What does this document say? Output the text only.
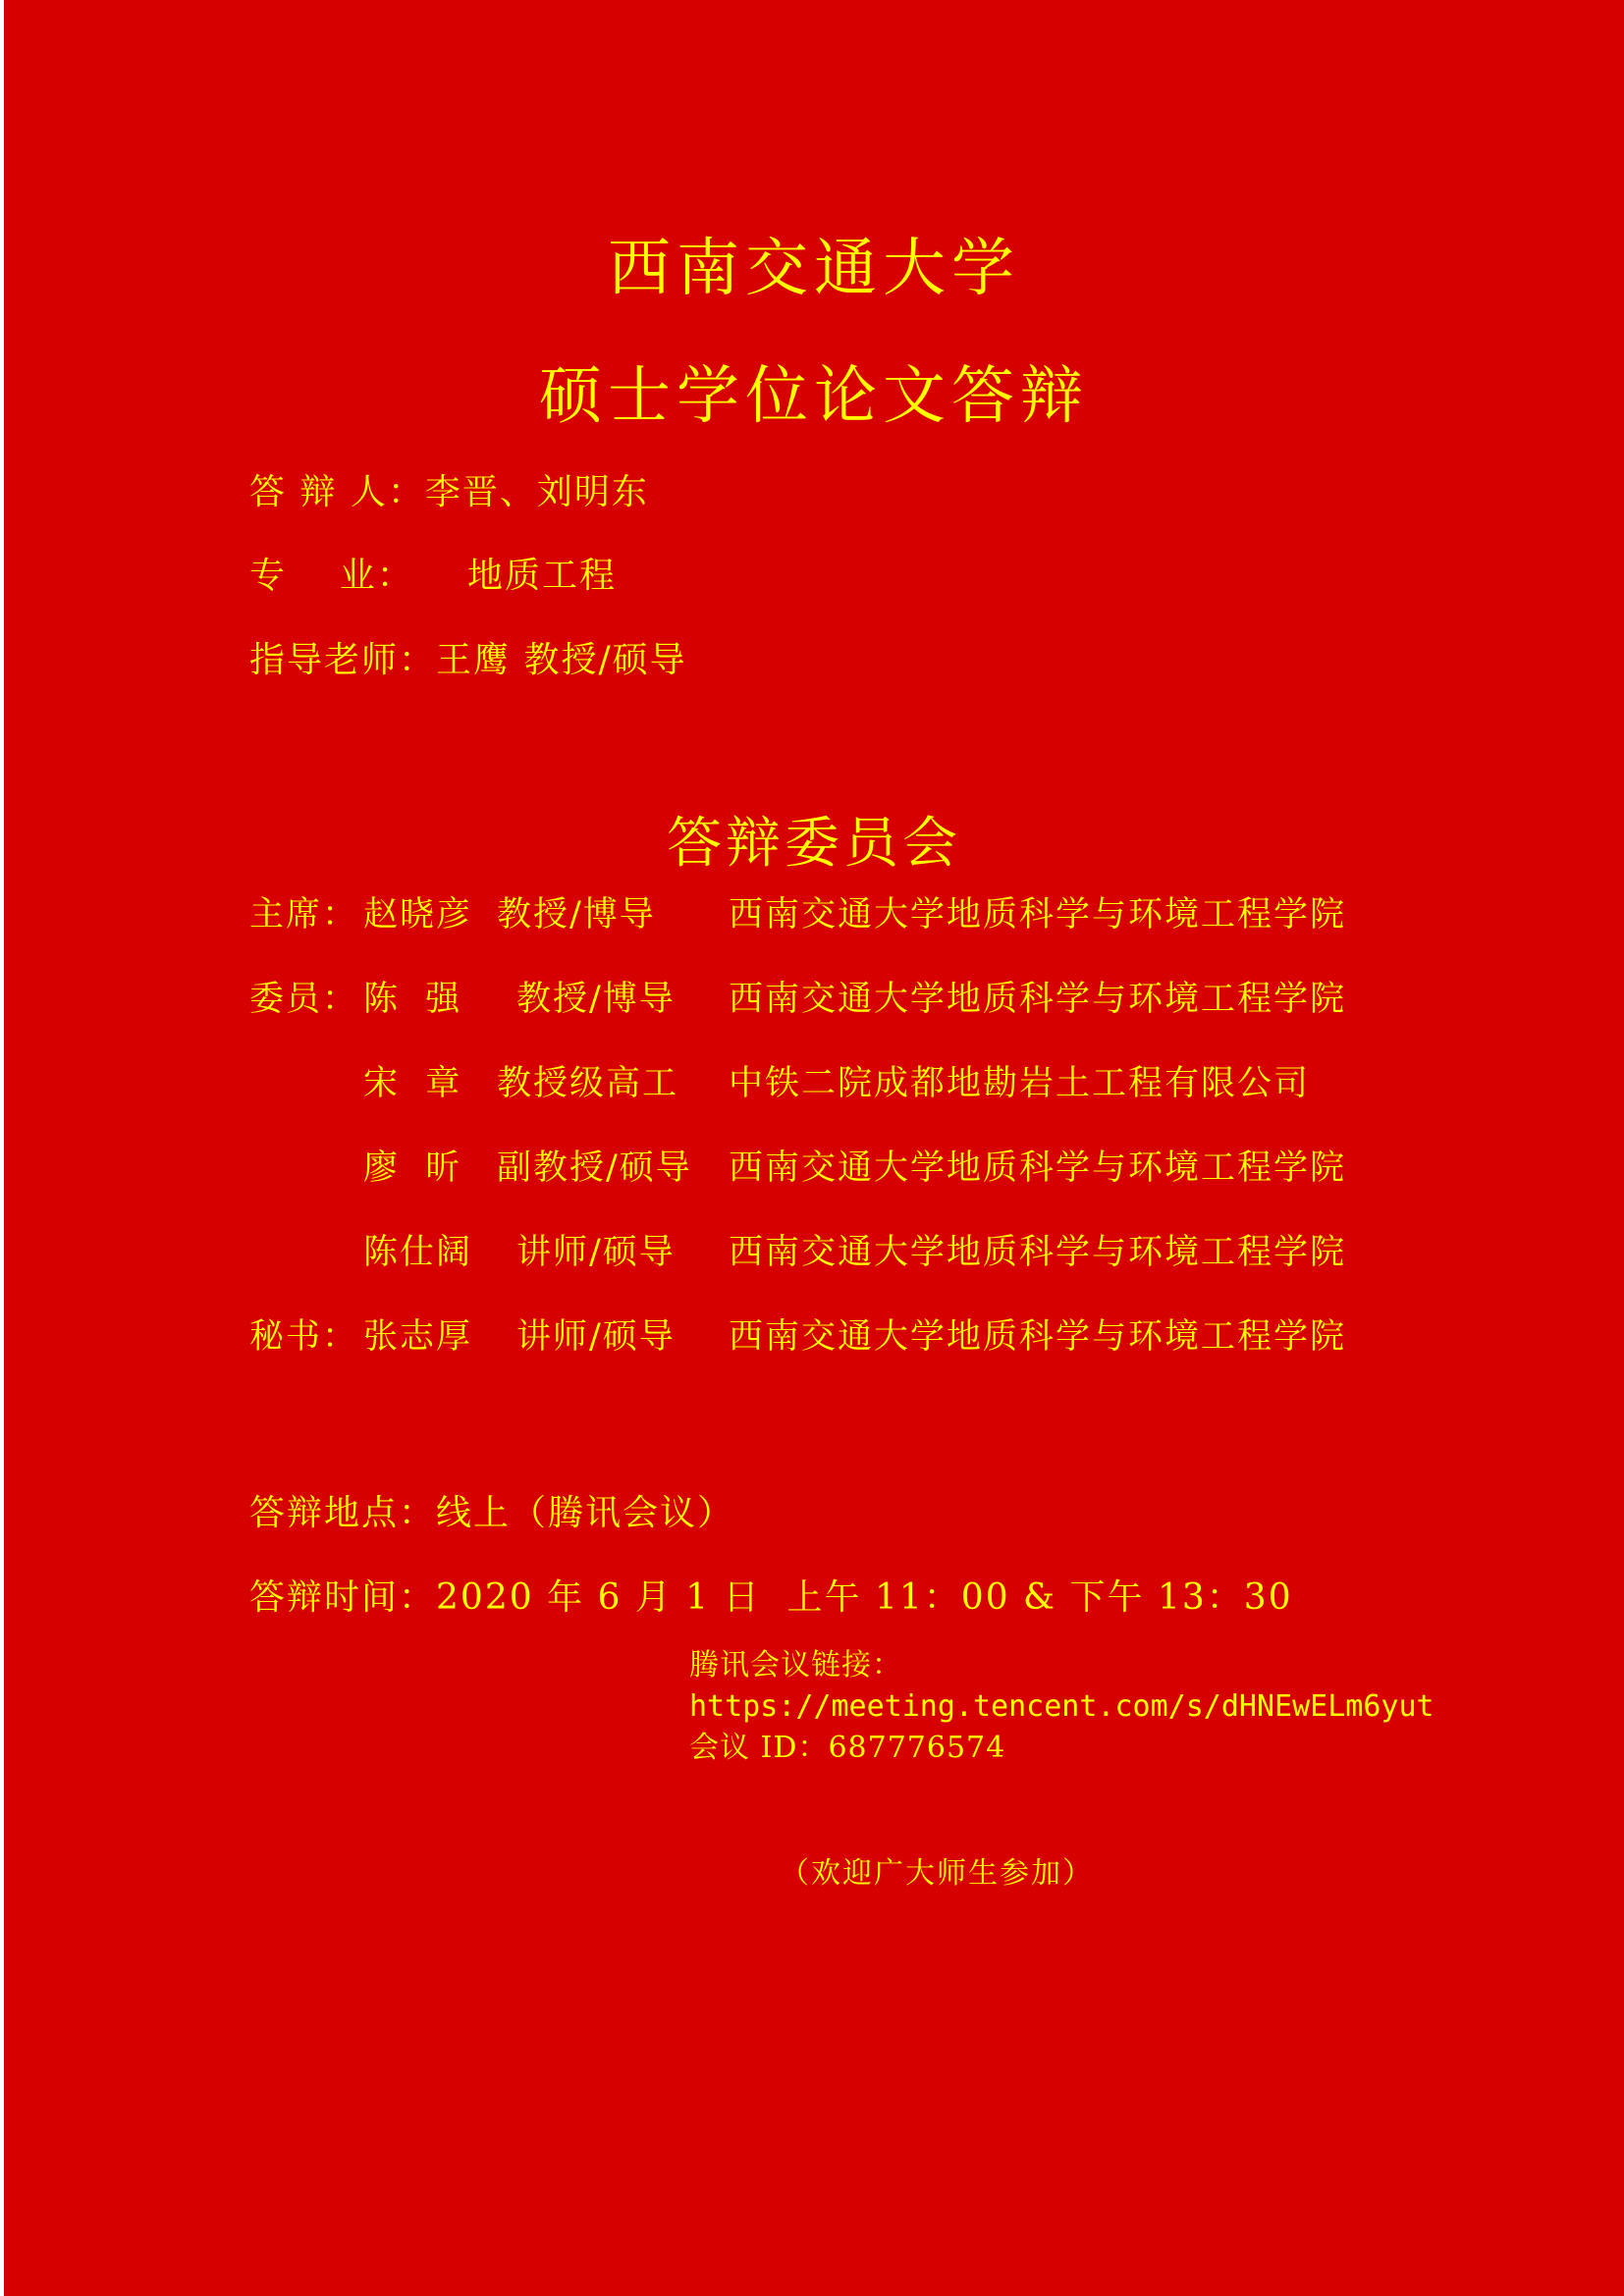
西南交通大学
硕士学位论文答辩
答 辩 人：李晋、刘明东
专    业： 地质工程
指导老师：王鹰 教授/硕导
答辩委员会
主席： 赵晓彦 教授/博导	西南交通大学地质科学与环境工程学院
委员： 陈  强	教授/博导	西南交通大学地质科学与环境工程学院
宋  章	教授级高工	中铁二院成都地勘岩土工程有限公司
廖  昕	副教授/硕导	西南交通大学地质科学与环境工程学院
陈仕阔	讲师/硕导	西南交通大学地质科学与环境工程学院
秘书： 张志厚	讲师/硕导	西南交通大学地质科学与环境工程学院
答辩地点：线上（腾讯会议）
答辩时间：2020 年 6 月 1 日  上午 11：00 & 下午 13：30
腾讯会议链接：
https://meeting.tencent.com/s/dHNEwELm6yut
会议 ID：687776574
（欢迎广大师生参加）
